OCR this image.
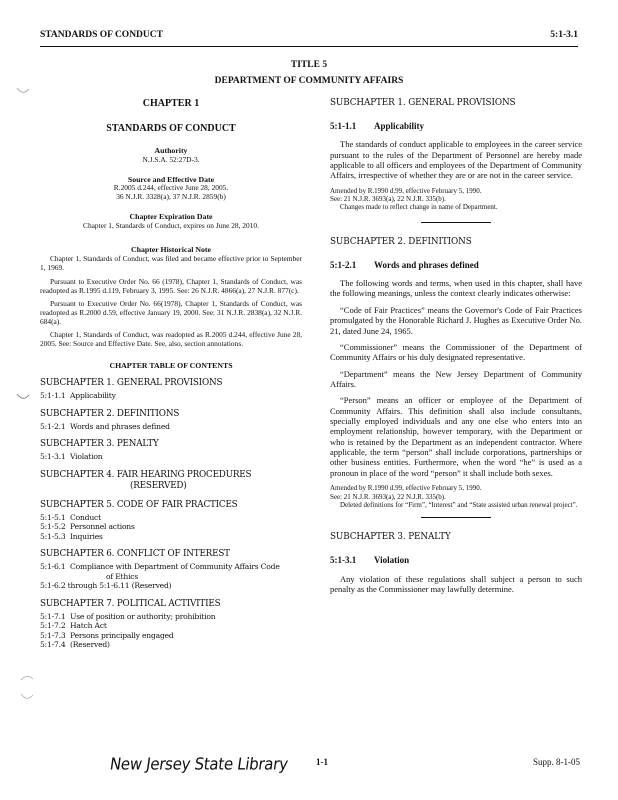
STANDARDS OF CONDUCT	5:1-3.1
TITLE 5
DEPARTMENT OF COMMUNITY AFFAIRS
CHAPTER 1
STANDARDS OF CONDUCT
Authority
N.J.S.A. 52:27D-3.
Source and Effective Date
R.2005 d.244, effective June 28, 2005.
36 N.J.R. 3328(a), 37 N.J.R. 2859(b)
Chapter Expiration Date
Chapter 1, Standards of Conduct, expires on June 28, 2010.
Chapter Historical Note

Chapter 1, Standards of Conduct, was filed and became effective prior to September 1, 1969.

Pursuant to Executive Order No. 66 (1978), Chapter 1, Standards of Conduct, was readopted as R.1995 d.119, February 3, 1995. See: 26 N.J.R. 4866(a), 27 N.J.R. 877(c).

Pursuant to Executive Order No. 66(1978), Chapter 1, Standards of Conduct, was readopted as R.2000 d.59, effective January 19, 2000. See: 31 N.J.R. 2838(a), 32 N.J.R. 684(a).

Chapter 1, Standards of Conduct, was readopted as R.2005 d.244, effective June 28, 2005. See: Source and Effective Date. See, also, section annotations.

CHAPTER TABLE OF CONTENTS
SUBCHAPTER 1. GENERAL PROVISIONS
5:1-1.1 Applicability
SUBCHAPTER 2. DEFINITIONS
5:1-2.1 Words and phrases defined
SUBCHAPTER 3. PENALTY
5:1-3.1 Violation
SUBCHAPTER 4. FAIR HEARING PROCEDURES
(RESERVED)
SUBCHAPTER 5. CODE OF FAIR PRACTICES
5:1-5.1 Conduct
5:1-5.2 Personnel actions
5:1-5.3 Inquiries
SUBCHAPTER 6. CONFLICT OF INTEREST
5:1-6.1 Compliance with Department of Community Affairs Code
of Ethics
5:1-6.2 through 5:1-6.11 (Reserved)
SUBCHAPTER 7. POLITICAL ACTIVITIES
5:1-7.1 Use of position or authority; prohibition
5:1-7.2 Hatch Act
5:1-7.3 Persons principally engaged
5:1-7.4 (Reserved)
SUBCHAPTER 1. GENERAL PROVISIONS
5:1-1.1 Applicability

The standards of conduct applicable to employees in the career service pursuant to the rules of the Department of Personnel are hereby made applicable to all officers and employees of the Department of Community Affairs, irrespective of whether they are or are not in the career service.

Amended by R.1990 d.99, effective February 5, 1990.
See: 21 N.J.R. 3693(a), 22 N.J.R. 335(b).
Changes made to reflect change in name of Department.
SUBCHAPTER 2. DEFINITIONS
5:1-2.1 Words and phrases defined

The following words and terms, when used in this chapter, shall have the following meanings, unless the context clearly indicates otherwise:

“Code of Fair Practices” means the Governor's Code of Fair Practices promulgated by the Honorable Richard J. Hughes as Executive Order No. 21, dated June 24, 1965.

“Commissioner” means the Commissioner of the Department of Community Affairs or his duly designated representative.

“Department” means the New Jersey Department of Community Affairs.

“Person” means an officer or employee of the Department of Community Affairs. This definition shall also include consultants, specially employed individuals and any one else who enters into an employment relationship, however temporary, with the Department or who is retained by the Department as an independent contractor. Where applicable, the term “person” shall include corporations, partnerships or other business entities. Furthermore, when the word “he” is used as a pronoun in place of the word “person” it shall include both sexes.

Amended by R.1990 d.99, effective February 5, 1990.
See: 21 N.J.R. 3693(a), 22 N.J.R. 335(b).
Deleted definitions for “Firm”, “Interest” and “State assisted urban renewal project”.
SUBCHAPTER 3. PENALTY
5:1-3.1 Violation

Any violation of these regulations shall subject a person to such penalty as the Commissioner may lawfully determine.

New Jersey State Library	1-1	Supp. 8-1-05
